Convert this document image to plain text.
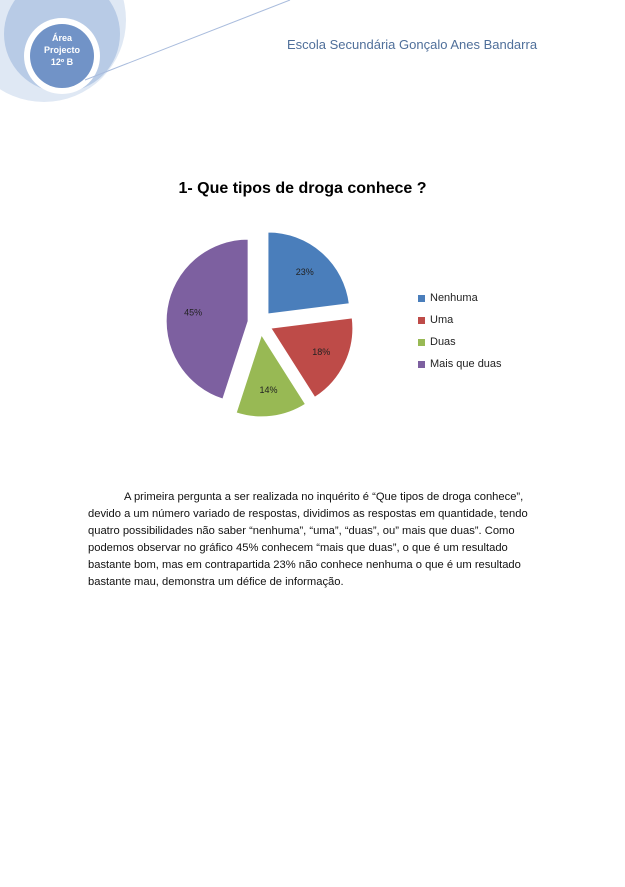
Área
Projecto
12º B
Escola Secundária Gonçalo Anes Bandarra
1- Que tipos de droga conhece ?
23%
18%
14%
45%
Nenhuma
Uma
Duas
Mais que duas
A primeira pergunta a ser realizada no inquérito é “Que tipos de droga conhece”, devido a um número variado de respostas, dividimos as respostas em quantidade, tendo quatro possibilidades não saber “nenhuma”, “uma”, “duas”, ou” mais que duas”. Como podemos observar no gráfico 45% conhecem “mais que duas”, o que é um resultado bastante bom, mas em contrapartida 23% não conhece nenhuma o que é um resultado bastante mau, demonstra um défice de informação.
